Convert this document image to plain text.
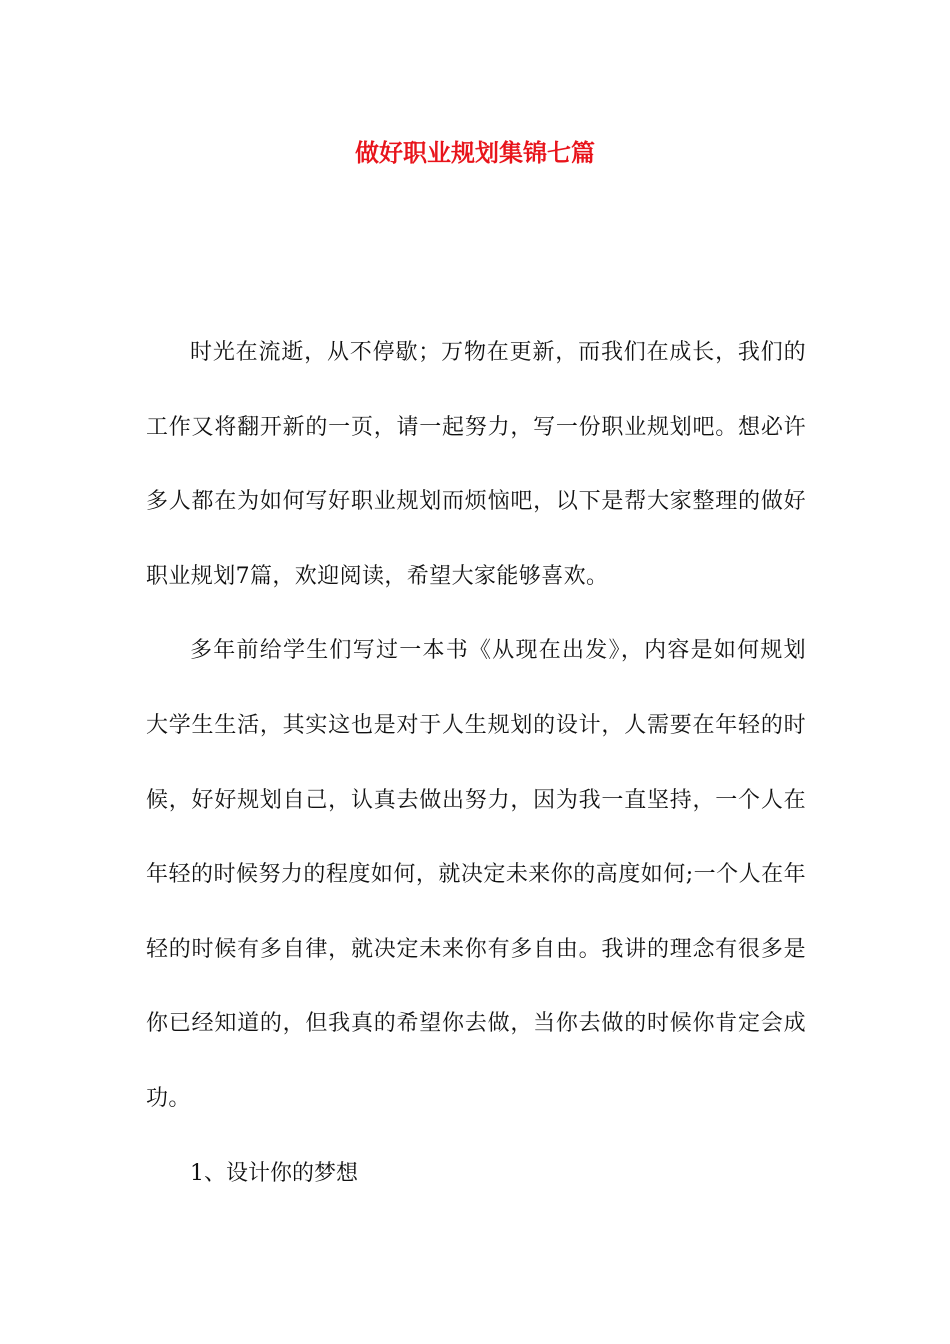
做好职业规划集锦七篇

时光在流逝，从不停歇；万物在更新，而我们在成长，我们的工作又将翻开新的一页，请一起努力，写一份职业规划吧。想必许多人都在为如何写好职业规划而烦恼吧，以下是帮大家整理的做好职业规划7篇，欢迎阅读，希望大家能够喜欢。

多年前给学生们写过一本书《从现在出发》，内容是如何规划大学生生活，其实这也是对于人生规划的设计，人需要在年轻的时候，好好规划自己，认真去做出努力，因为我一直坚持，一个人在年轻的时候努力的程度如何，就决定未来你的高度如何;一个人在年轻的时候有多自律，就决定未来你有多自由。我讲的理念有很多是你已经知道的，但我真的希望你去做，当你去做的时候你肯定会成功。

1、设计你的梦想
